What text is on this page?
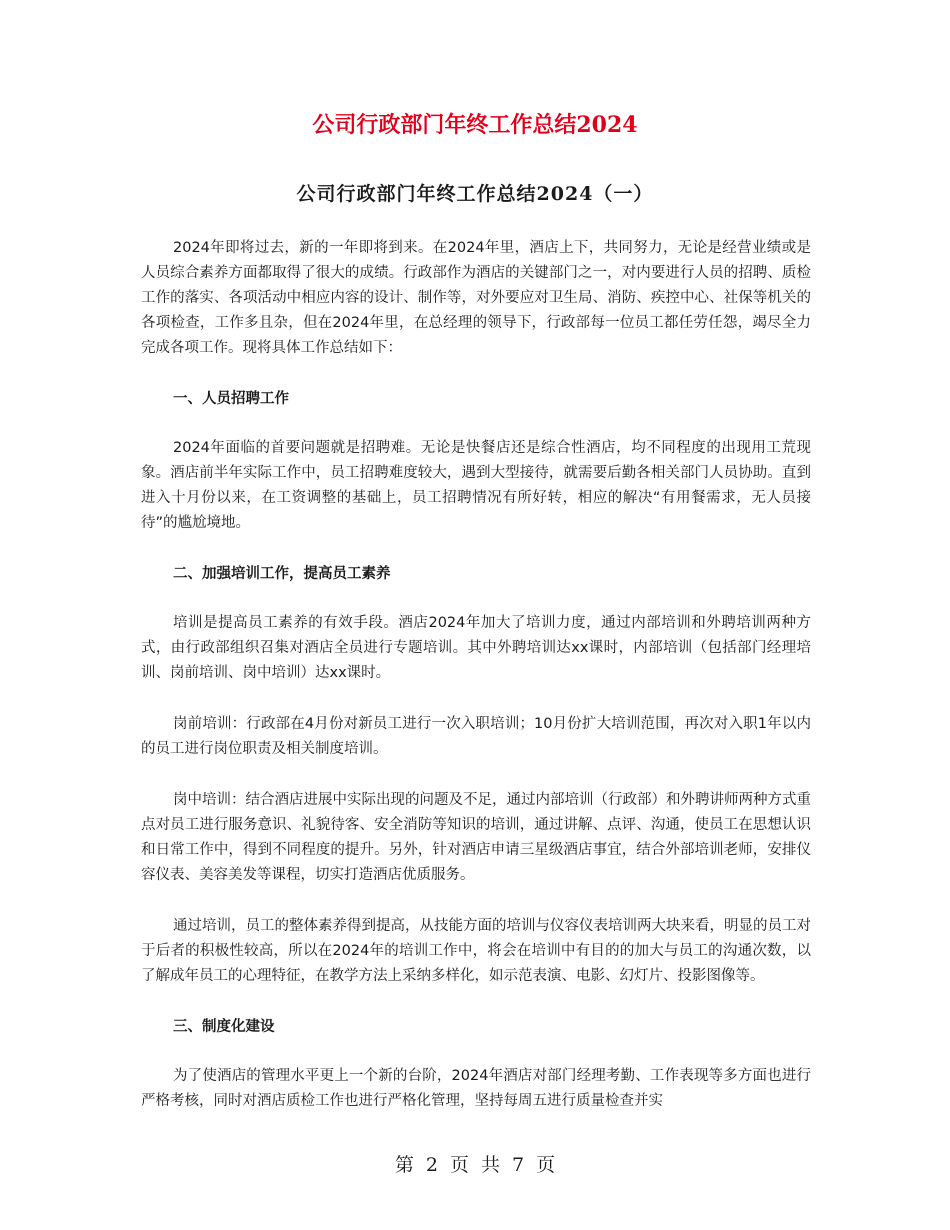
公司行政部门年终工作总结2024
公司行政部门年终工作总结2024（一）

2024年即将过去，新的一年即将到来。在2024年里，酒店上下，共同努力，无论是经营业绩或是人员综合素养方面都取得了很大的成绩。行政部作为酒店的关键部门之一，对内要进行人员的招聘、质检工作的落实、各项活动中相应内容的设计、制作等，对外要应对卫生局、消防、疾控中心、社保等机关的各项检查，工作多且杂，但在2024年里，在总经理的领导下，行政部每一位员工都任劳任怨，竭尽全力完成各项工作。现将具体工作总结如下：

一、人员招聘工作

2024年面临的首要问题就是招聘难。无论是快餐店还是综合性酒店，均不同程度的出现用工荒现象。酒店前半年实际工作中，员工招聘难度较大，遇到大型接待，就需要后勤各相关部门人员协助。直到进入十月份以来，在工资调整的基础上，员工招聘情况有所好转，相应的解决“有用餐需求，无人员接待”的尴尬境地。

二、加强培训工作，提高员工素养

培训是提高员工素养的有效手段。酒店2024年加大了培训力度，通过内部培训和外聘培训两种方式，由行政部组织召集对酒店全员进行专题培训。其中外聘培训达xx课时，内部培训（包括部门经理培训、岗前培训、岗中培训）达xx课时。

岗前培训：行政部在4月份对新员工进行一次入职培训；10月份扩大培训范围，再次对入职1年以内的员工进行岗位职责及相关制度培训。

岗中培训：结合酒店进展中实际出现的问题及不足，通过内部培训（行政部）和外聘讲师两种方式重点对员工进行服务意识、礼貌待客、安全消防等知识的培训，通过讲解、点评、沟通，使员工在思想认识和日常工作中，得到不同程度的提升。另外，针对酒店申请三星级酒店事宜，结合外部培训老师，安排仪容仪表、美容美发等课程，切实打造酒店优质服务。

通过培训，员工的整体素养得到提高，从技能方面的培训与仪容仪表培训两大块来看，明显的员工对于后者的积极性较高，所以在2024年的培训工作中，将会在培训中有目的的加大与员工的沟通次数，以了解成年员工的心理特征，在教学方法上采纳多样化，如示范表演、电影、幻灯片、投影图像等。

三、制度化建设

为了使酒店的管理水平更上一个新的台阶，2024年酒店对部门经理考勤、工作表现等多方面也进行严格考核，同时对酒店质检工作也进行严格化管理，坚持每周五进行质量检查并实

第 2 页 共 7 页
